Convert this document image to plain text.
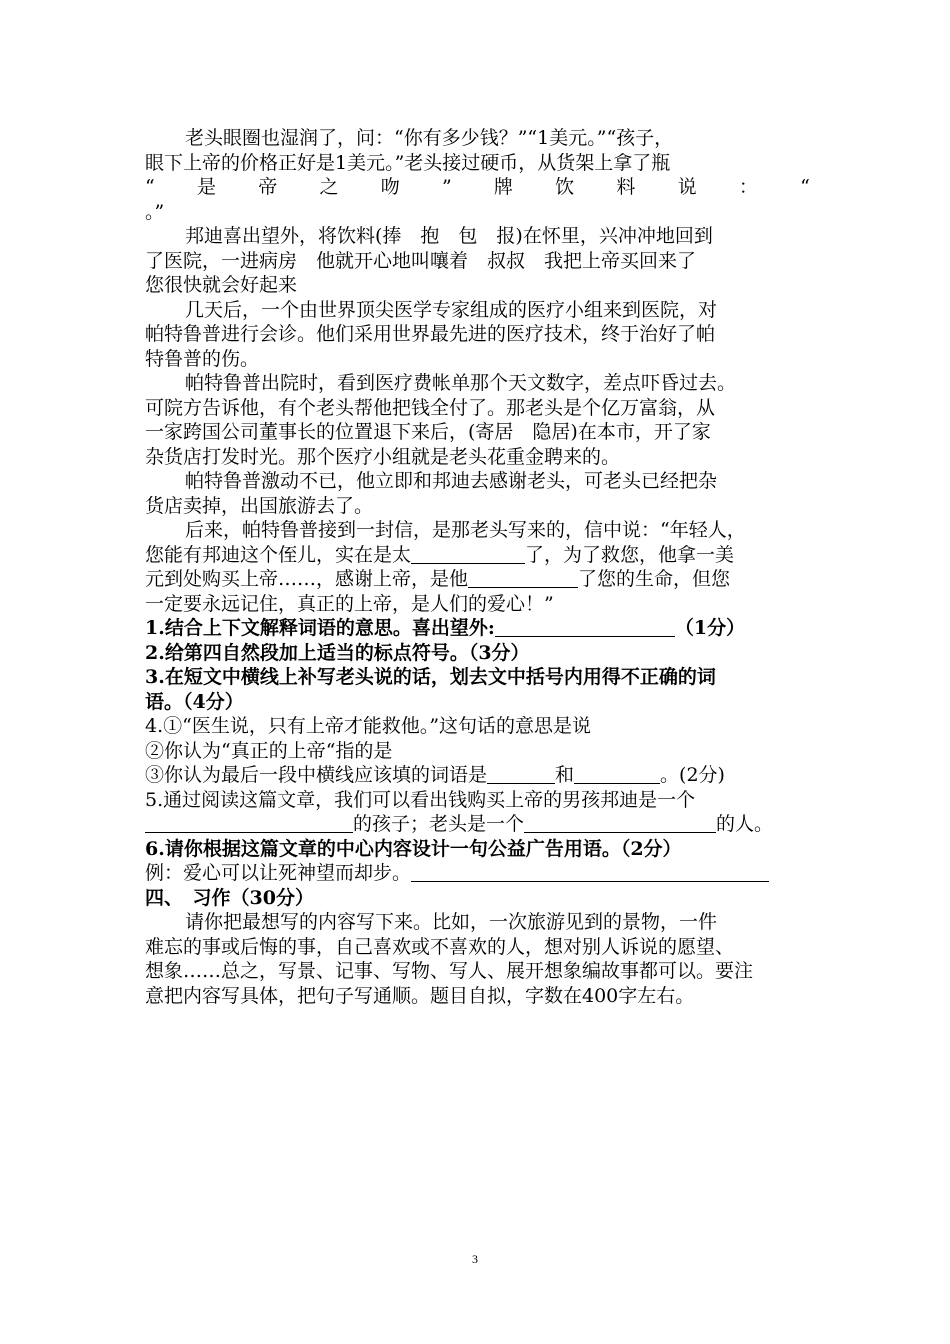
老头眼圈也湿润了，问：“你有多少钱？”“1美元。”“孩子，
眼下上帝的价格正好是1美元。”老头接过硬币，从货架上拿了瓶
“ 是 帝 之 吻 ” 牌 饮 料 说 ： “
。”
邦迪喜出望外，将饮料(捧　抱　包　报)在怀里，兴冲冲地回到
了医院，一进病房　他就开心地叫嚷着　叔叔　我把上帝买回来了
您很快就会好起来
几天后，一个由世界顶尖医学专家组成的医疗小组来到医院，对
帕特鲁普进行会诊。他们采用世界最先进的医疗技术，终于治好了帕
特鲁普的伤。
帕特鲁普出院时，看到医疗费帐单那个天文数字，差点吓昏过去。
可院方告诉他，有个老头帮他把钱全付了。那老头是个亿万富翁，从
一家跨国公司董事长的位置退下来后，(寄居　隐居)在本市，开了家
杂货店打发时光。那个医疗小组就是老头花重金聘来的。
帕特鲁普激动不已，他立即和邦迪去感谢老头，可老头已经把杂
货店卖掉，出国旅游去了。
后来，帕特鲁普接到一封信，是那老头写来的，信中说：“年轻人，
您能有邦迪这个侄儿，实在是太	了，为了救您，他拿一美
元到处购买上帝……，感谢上帝，是他	了您的生命，但您
一定要永远记住，真正的上帝，是人们的爱心！”
1.结合上下文解释词语的意思。喜出望外:	（1分）
2.给第四自然段加上适当的标点符号。（3分）
3.在短文中横线上补写老头说的话，划去文中括号内用得不正确的词
语。（4分）
4.①“医生说，只有上帝才能救他。”这句话的意思是说
②你认为“真正的上帝“指的是
③你认为最后一段中横线应该填的词语是	和	。(2分)
5.通过阅读这篇文章，我们可以看出钱购买上帝的男孩邦迪是一个
的孩子；老头是一个	的人。
6.请你根据这篇文章的中心内容设计一句公益广告用语。（2分）
例：爱心可以让死神望而却步。
四、　习作（30分）
请你把最想写的内容写下来。比如，一次旅游见到的景物，一件
难忘的事或后悔的事，自己喜欢或不喜欢的人，想对别人诉说的愿望、
想象……总之，写景、记事、写物、写人、展开想象编故事都可以。要注
意把内容写具体，把句子写通顺。题目自拟，字数在400字左右。
3
